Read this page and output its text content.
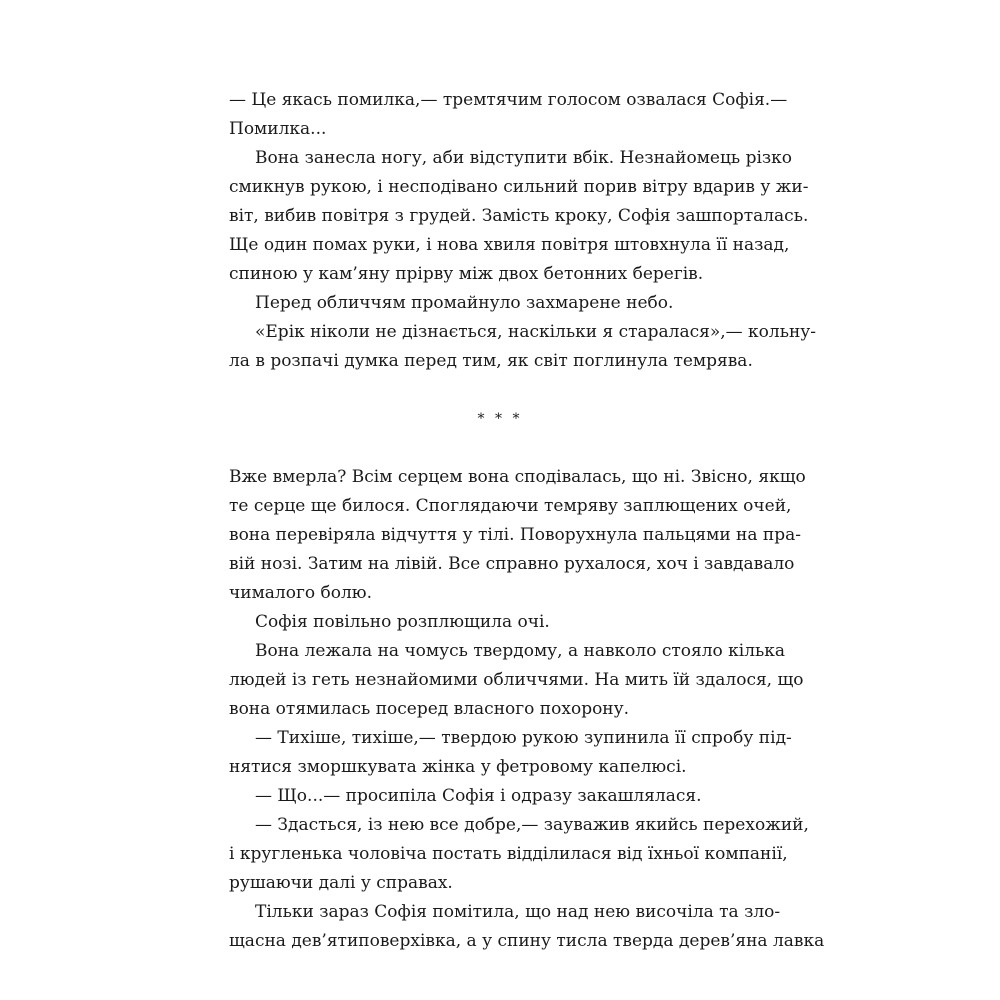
— Це якась помилка,— тремтячим голосом озвалася Софія.—
Помилка...
Вона занесла ногу, аби відступити вбік. Незнайомець різко
смикнув рукою, і несподівано сильний порив вітру вдарив у жи-
віт, вибив повітря з грудей. Замість кроку, Софія зашпорталась.
Ще один помах руки, і нова хвиля повітря штовхнула її назад,
спиною у кам’яну прірву між двох бетонних берегів.
Перед обличчям промайнуло захмарене небо.
«Ерік ніколи не дізнається, наскільки я старалася»,— кольну-
ла в розпачі думка перед тим, як світ поглинула темрява.
* * *
Вже вмерла? Всім серцем вона сподівалась, що ні. Звісно, якщо
те серце ще билося. Споглядаючи темряву заплющених очей,
вона перевіряла відчуття у тілі. Поворухнула пальцями на пра-
вій нозі. Затим на лівій. Все справно рухалося, хоч і завдавало
чималого болю.
Софія повільно розплющила очі.
Вона лежала на чомусь твердому, а навколо стояло кілька
людей із геть незнайомими обличчями. На мить їй здалося, що
вона отямилась посеред власного похорону.
— Тихіше, тихіше,— твердою рукою зупинила її спробу під-
нятися зморшкувата жінка у фетровому капелюсі.
— Що...— просипіла Софія і одразу закашлялася.
— Здасться, із нею все добре,— зауважив якийсь перехожий,
і кругленька чоловіча постать відділилася від їхньої компанії,
рушаючи далі у справах.
Тільки зараз Софія помітила, що над нею височіла та зло-
щасна дев’ятиповерхівка, а у спину тисла тверда дерев’яна лавка
